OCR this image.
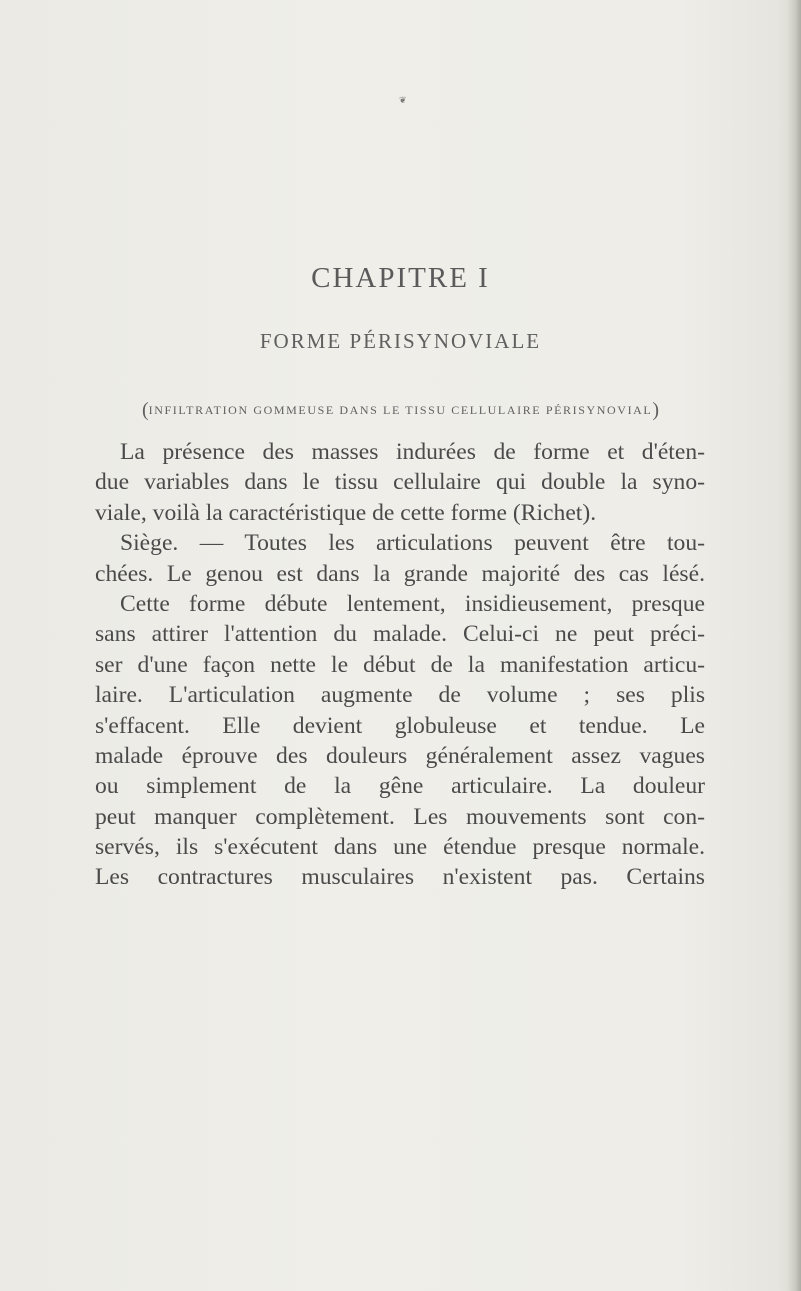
❦
CHAPITRE I
FORME PÉRISYNOVIALE
(INFILTRATION GOMMEUSE DANS LE TISSU CELLULAIRE PÉRISYNOVIAL)
La présence des masses indurées de forme et d'éten-
due variables dans le tissu cellulaire qui double la syno-
viale, voilà la caractéristique de cette forme (Richet).
Siège. — Toutes les articulations peuvent être tou-
chées. Le genou est dans la grande majorité des cas lésé.
Cette forme débute lentement, insidieusement, presque
sans attirer l'attention du malade. Celui-ci ne peut préci-
ser d'une façon nette le début de la manifestation articu-
laire. L'articulation augmente de volume ; ses plis
s'effacent. Elle devient globuleuse et tendue. Le
malade éprouve des douleurs généralement assez vagues
ou simplement de la gêne articulaire. La douleur
peut manquer complètement. Les mouvements sont con-
servés, ils s'exécutent dans une étendue presque normale.
Les contractures musculaires n'existent pas. Certains
